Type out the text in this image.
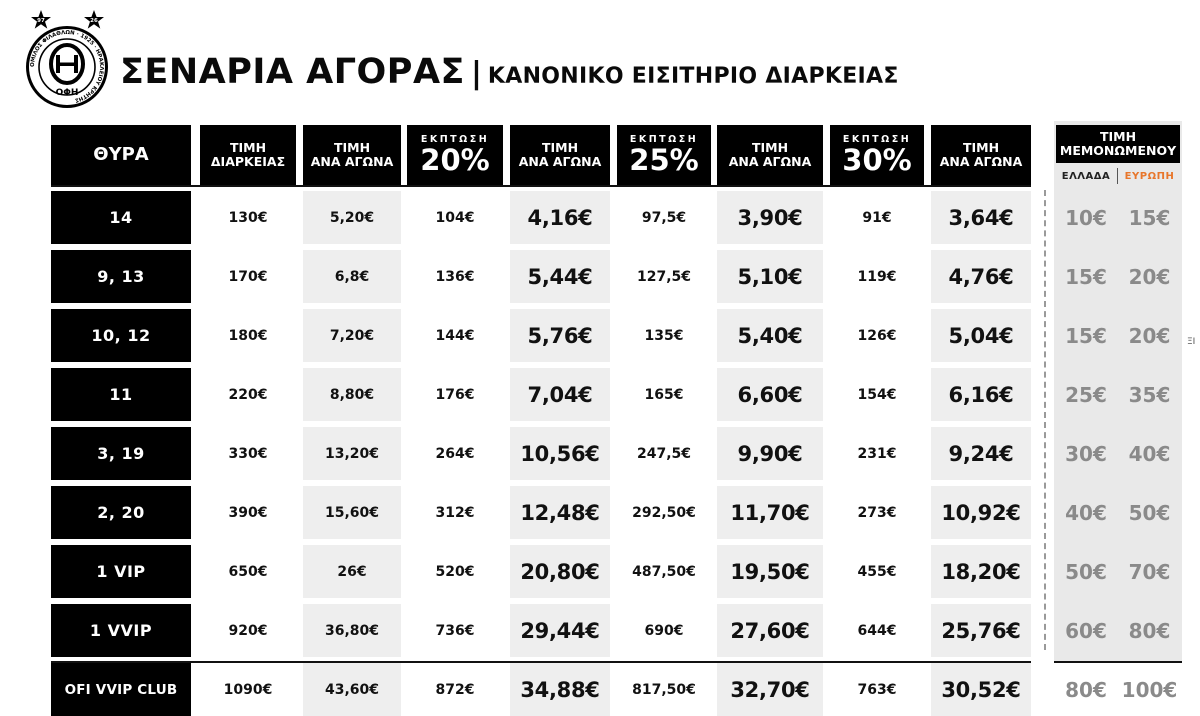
97	26
ΟΜΙΛΟΣ ΦΙΛΑΘΛΩΝ · 1925 · ΗΡΑΚΛΕΙΟΥ ΚΡΗΤΗΣ
ΟΦΗ
ΣΕΝΑΡΙΑ ΑΓΟΡΑΣ | ΚΑΝΟΝΙΚΟ ΕΙΣΙΤΗΡΙΟ ΔΙΑΡΚΕΙΑΣ
ΘΥΡΑ	ΤΙΜΗ
ΔΙΑΡΚΕΙΑΣ
ΤΙΜΗ
ΑΝΑ ΑΓΩΝΑ
ΕΚΠΤΩΣΗ
20%	ΤΙΜΗ
ΑΝΑ ΑΓΩΝΑ
ΕΚΠΤΩΣΗ
25%	ΤΙΜΗ
ΑΝΑ ΑΓΩΝΑ
ΕΚΠΤΩΣΗ
30%	ΤΙΜΗ
ΑΝΑ ΑΓΩΝΑ
ΤΙΜΗ
ΜΕΜΟΝΩΜΕΝΟΥ
ΕΛΛΑΔΑ	ΕΥΡΩΠΗ
14	130€	5,20€	104€	4,16€	97,5€	3,90€	91€	3,64€	10€	15€
9, 13	170€	6,8€	136€	5,44€	127,5€	5,10€	119€	4,76€	15€	20€
10, 12	180€	7,20€	144€	5,76€	135€	5,40€	126€	5,04€	15€	20€
11	220€	8,80€	176€	7,04€	165€	6,60€	154€	6,16€	25€	35€
3, 19	330€	13,20€	264€	10,56€	247,5€	9,90€	231€	9,24€	30€	40€
2, 20	390€	15,60€	312€	12,48€	292,50€	11,70€	273€	10,92€	40€	50€
1 VIP	650€	26€	520€	20,80€	487,50€	19,50€	455€	18,20€	50€	70€
1 VVIP	920€	36,80€	736€	29,44€	690€	27,60€	644€	25,76€	60€	80€
OFI VVIP CLUB	1090€	43,60€	872€	34,88€	817,50€	32,70€	763€	30,52€	80€ 100€
ΞΙ
